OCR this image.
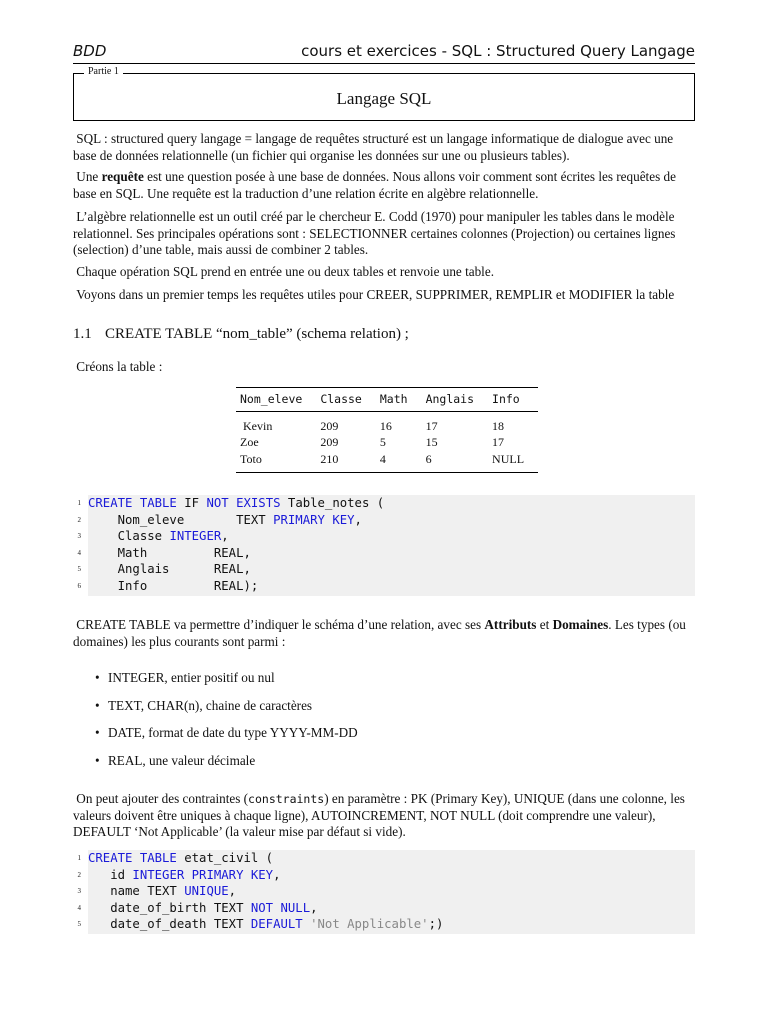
BDD	cours et exercices - SQL : Structured Query Langage
Partie 1
Langage SQL

SQL : structured query langage = langage de requêtes structuré est un langage informatique de dialogue avec une base de données relationnelle (un fichier qui organise les données sur une ou plusieurs tables).

Une requête est une question posée à une base de données. Nous allons voir comment sont écrites les requêtes de base en SQL. Une requête est la traduction d’une relation écrite en algèbre relationnelle.

L’algèbre relationnelle est un outil créé par le chercheur E. Codd (1970) pour manipuler les tables dans le modèle relationnel. Ses principales opérations sont : SELECTIONNER certaines colonnes (Projection) ou certaines lignes (selection) d’une table, mais aussi de combiner 2 tables.

Chaque opération SQL prend en entrée une ou deux tables et renvoie une table.

Voyons dans un premier temps les requêtes utiles pour CREER, SUPPRIMER, REMPLIR et MODIFIER la table

1.1 CREATE TABLE “nom_table” (schema relation) ;

Créons la table :

Nom_eleve	Classe	Math	Anglais	Info
Kevin	209	16	17	18
Zoe	209	5	15	17
Toto	210	4	6	NULL
1 CREATE TABLE IF NOT EXISTS Table_notes (
2 Nom_eleve       TEXT PRIMARY KEY,
3 Classe INTEGER,
4 Math         REAL,
5 Anglais      REAL,
6 Info         REAL);

CREATE TABLE va permettre d’indiquer le schéma d’une relation, avec ses Attributs et Domaines. Les types (ou domaines) les plus courants sont parmi :

• INTEGER, entier positif ou nul
• TEXT, CHAR(n), chaine de caractères
• DATE, format de date du type YYYY-MM-DD
• REAL, une valeur décimale

On peut ajouter des contraintes (constraints) en paramètre : PK (Primary Key), UNIQUE (dans une colonne, les valeurs doivent être uniques à chaque ligne), AUTOINCREMENT, NOT NULL (doit comprendre une valeur), DEFAULT ‘Not Applicable’ (la valeur mise par défaut si vide).

1 CREATE TABLE etat_civil (
2 id INTEGER PRIMARY KEY,
3 name TEXT UNIQUE,
4 date_of_birth TEXT NOT NULL,
5 date_of_death TEXT DEFAULT 'Not Applicable';)
